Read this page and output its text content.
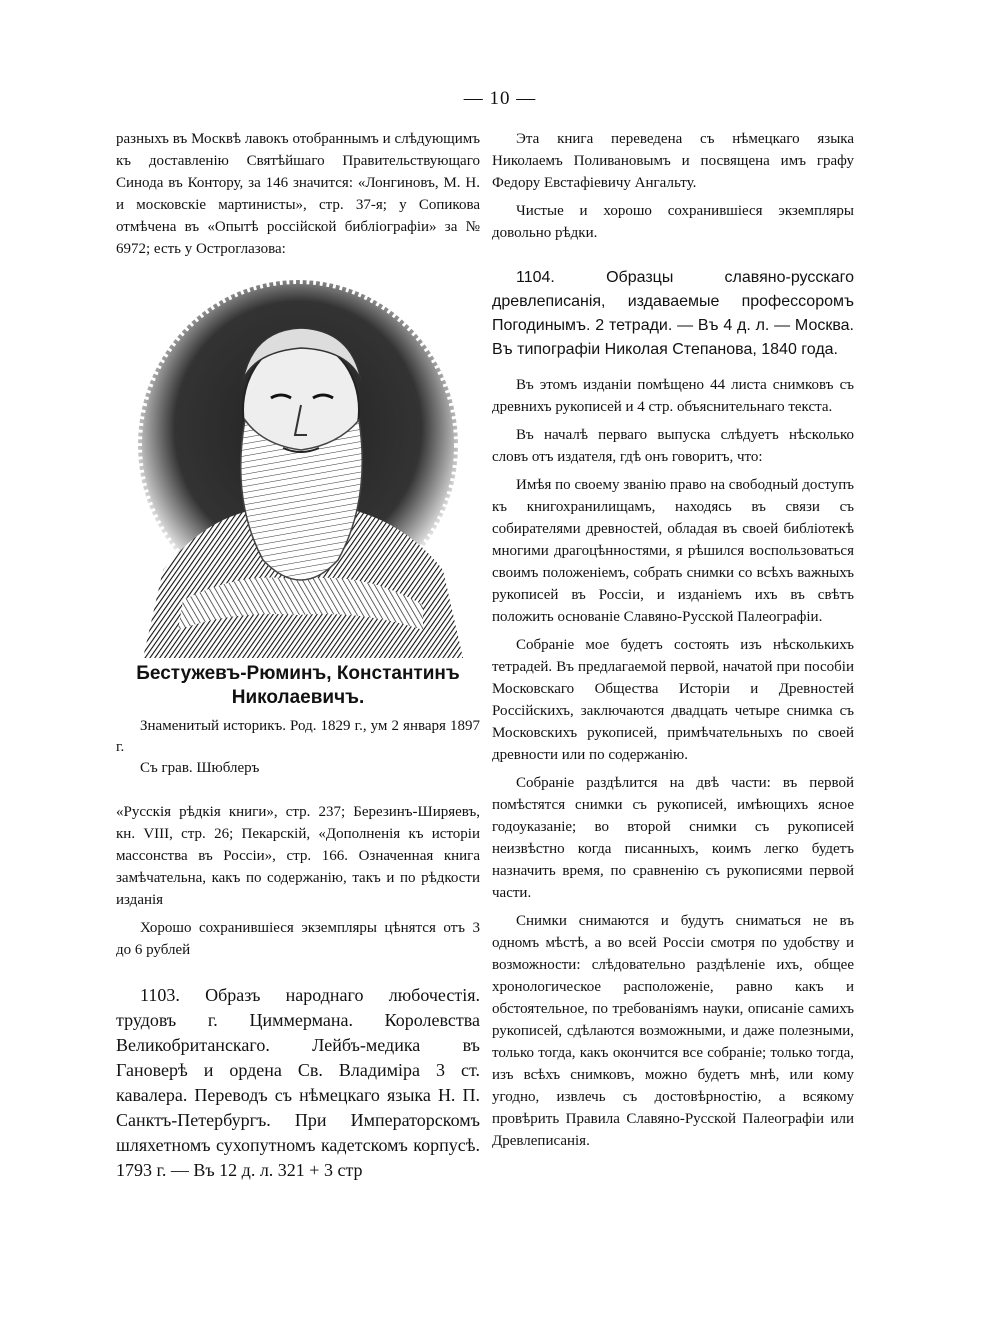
— 10 —

разныхъ въ Москвѣ лавокъ отобраннымъ и слѣдующимъ къ доставленію Святѣйшаго Правительствующаго Синода въ Контору, за 146 значится: «Лонгиновъ, М. Н. и московскіе мартинисты», стр. 37-я; у Сопикова отмѣчена въ «Опытѣ россійской библіографіи» за № 6972; есть у Остроглазова:

Бестужевъ-Рюминъ, Константинъ Николаевичъ.

Знаменитый историкъ. Род. 1829 г., ум 2 января 1897 г.

Съ грав. Шюблеръ

«Русскія рѣдкія книги», стр. 237; Березинъ-Ширяевъ, кн. VIII, стр. 26; Пекарскій, «Дополненія къ исторіи массонства въ Россіи», стр. 166. Означенная книга замѣчательна, какъ по содержанію, такъ и по рѣдкости изданія

Хорошо сохранившіеся экземпляры цѣнятся отъ 3 до 6 рублей

1103. Образъ народнаго любочестія. трудовъ г. Циммермана. Королевства Великобританскаго. Лейбъ-медика въ Гановерѣ и ордена Св. Владиміра 3 ст. кавалера. Переводъ съ нѣмецкаго языка Н. П. Санктъ-Петербургъ. При Императорскомъ шляхетномъ сухопутномъ кадетскомъ корпусѣ. 1793 г. — Въ 12 д. л. 321 + 3 стр

Эта книга переведена съ нѣмецкаго языка Николаемъ Поливановымъ и посвящена имъ графу Федору Евстафіевичу Ангальту.

Чистые и хорошо сохранившіеся экземпляры довольно рѣдки.

1104. Образцы славяно-русскаго древлеписанія, издаваемые профессоромъ Погодинымъ. 2 тетради. — Въ 4 д. л. — Москва. Въ типографіи Николая Степанова, 1840 года.

Въ этомъ изданіи помѣщено 44 листа снимковъ съ древнихъ рукописей и 4 стр. объяснительнаго текста.

Въ началѣ перваго выпуска слѣдуетъ нѣсколько словъ отъ издателя, гдѣ онъ говоритъ, что:

Имѣя по своему званію право на свободный доступъ къ книгохранилищамъ, находясь въ связи съ собирателями древностей, обладая въ своей библіотекѣ многими драгоцѣнностями, я рѣшился воспользоваться своимъ положеніемъ, собрать снимки со всѣхъ важныхъ рукописей въ Россіи, и изданіемъ ихъ въ свѣтъ положить основаніе Славяно-Русской Палеографіи.

Собраніе мое будетъ состоять изъ нѣсколькихъ тетрадей. Въ предлагаемой первой, начатой при пособіи Московскаго Общества Исторіи и Древностей Россійскихъ, заключаются двадцать четыре снимка съ Московскихъ рукописей, примѣчательныхъ по своей древности или по содержанію.

Собраніе раздѣлится на двѣ части: въ первой помѣстятся снимки съ рукописей, имѣющихъ ясное годоуказаніе; во второй снимки съ рукописей неизвѣстно когда писанныхъ, коимъ легко будетъ назначить время, по сравненію съ рукописями первой части.

Снимки снимаются и будутъ сниматься не въ одномъ мѣстѣ, а во всей Россіи смотря по удобству и возможности: слѣдовательно раздѣленіе ихъ, общее хронологическое расположеніе, равно какъ и обстоятельное, по требованіямъ науки, описаніе самихъ рукописей, сдѣлаются возможными, и даже полезными, только тогда, какъ окончится все собраніе; только тогда, изъ всѣхъ снимковъ, можно будетъ мнѣ, или кому угодно, извлечь съ достовѣрностію, а всякому провѣрить Правила Славяно-Русской Палеографіи или Древлеписанія.
